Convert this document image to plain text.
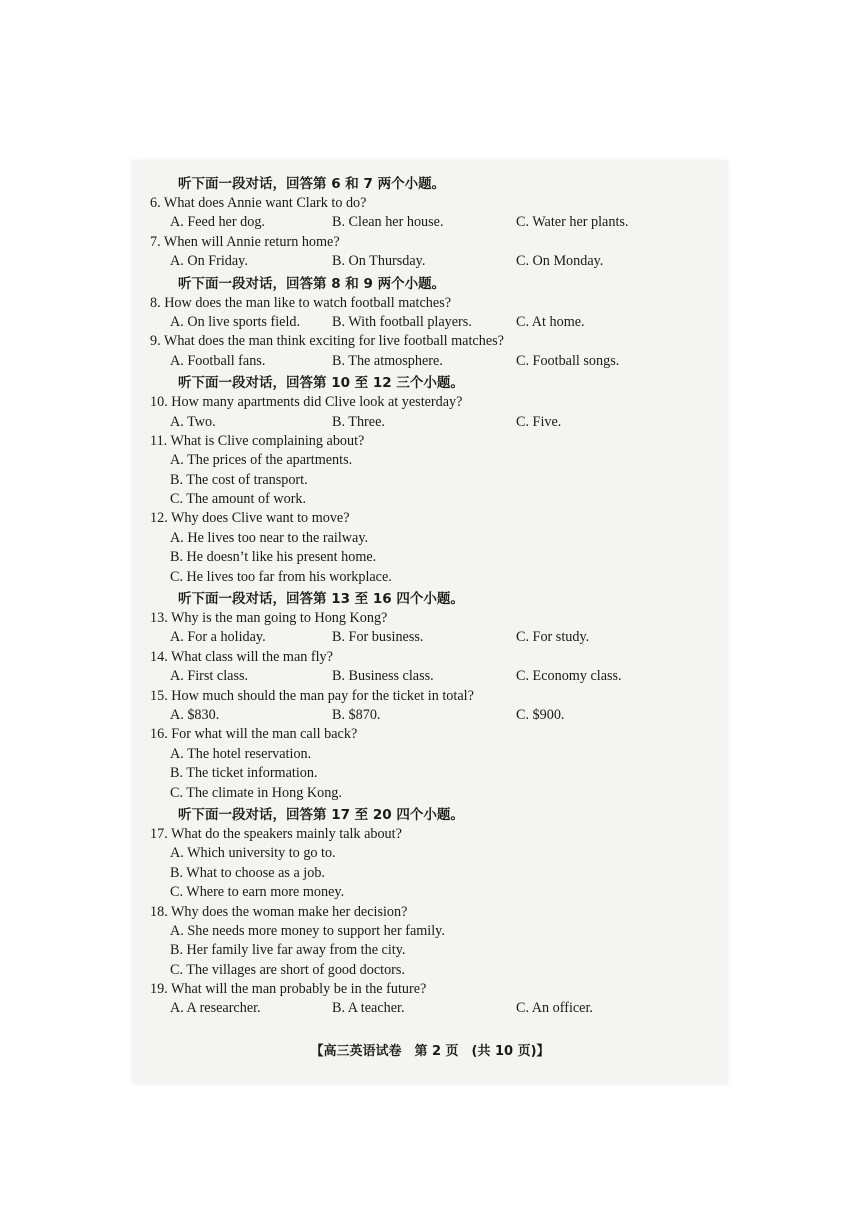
听下面一段对话，回答第 6 和 7 两个小题。
6. What does Annie want Clark to do?
A. Feed her dog.	B. Clean her house.	C. Water her plants.
7. When will Annie return home?
A. On Friday.	B. On Thursday.	C. On Monday.
听下面一段对话，回答第 8 和 9 两个小题。
8. How does the man like to watch football matches?
A. On live sports field.	B. With football players.	C. At home.
9. What does the man think exciting for live football matches?
A. Football fans.	B. The atmosphere.	C. Football songs.
听下面一段对话，回答第 10 至 12 三个小题。
10. How many apartments did Clive look at yesterday?
A. Two.	B. Three.	C. Five.
11. What is Clive complaining about?
A. The prices of the apartments.
B. The cost of transport.
C. The amount of work.
12. Why does Clive want to move?
A. He lives too near to the railway.
B. He doesn’t like his present home.
C. He lives too far from his workplace.
听下面一段对话，回答第 13 至 16 四个小题。
13. Why is the man going to Hong Kong?
A. For a holiday.	B. For business.	C. For study.
14. What class will the man fly?
A. First class.	B. Business class.	C. Economy class.
15. How much should the man pay for the ticket in total?
A. $830.	B. $870.	C. $900.
16. For what will the man call back?
A. The hotel reservation.
B. The ticket information.
C. The climate in Hong Kong.
听下面一段对话，回答第 17 至 20 四个小题。
17. What do the speakers mainly talk about?
A. Which university to go to.
B. What to choose as a job.
C. Where to earn more money.
18. Why does the woman make her decision?
A. She needs more money to support her family.
B. Her family live far away from the city.
C. The villages are short of good doctors.
19. What will the man probably be in the future?
A. A researcher.	B. A teacher.	C. An officer.
【高三英语试卷　第 2 页　(共 10 页)】
